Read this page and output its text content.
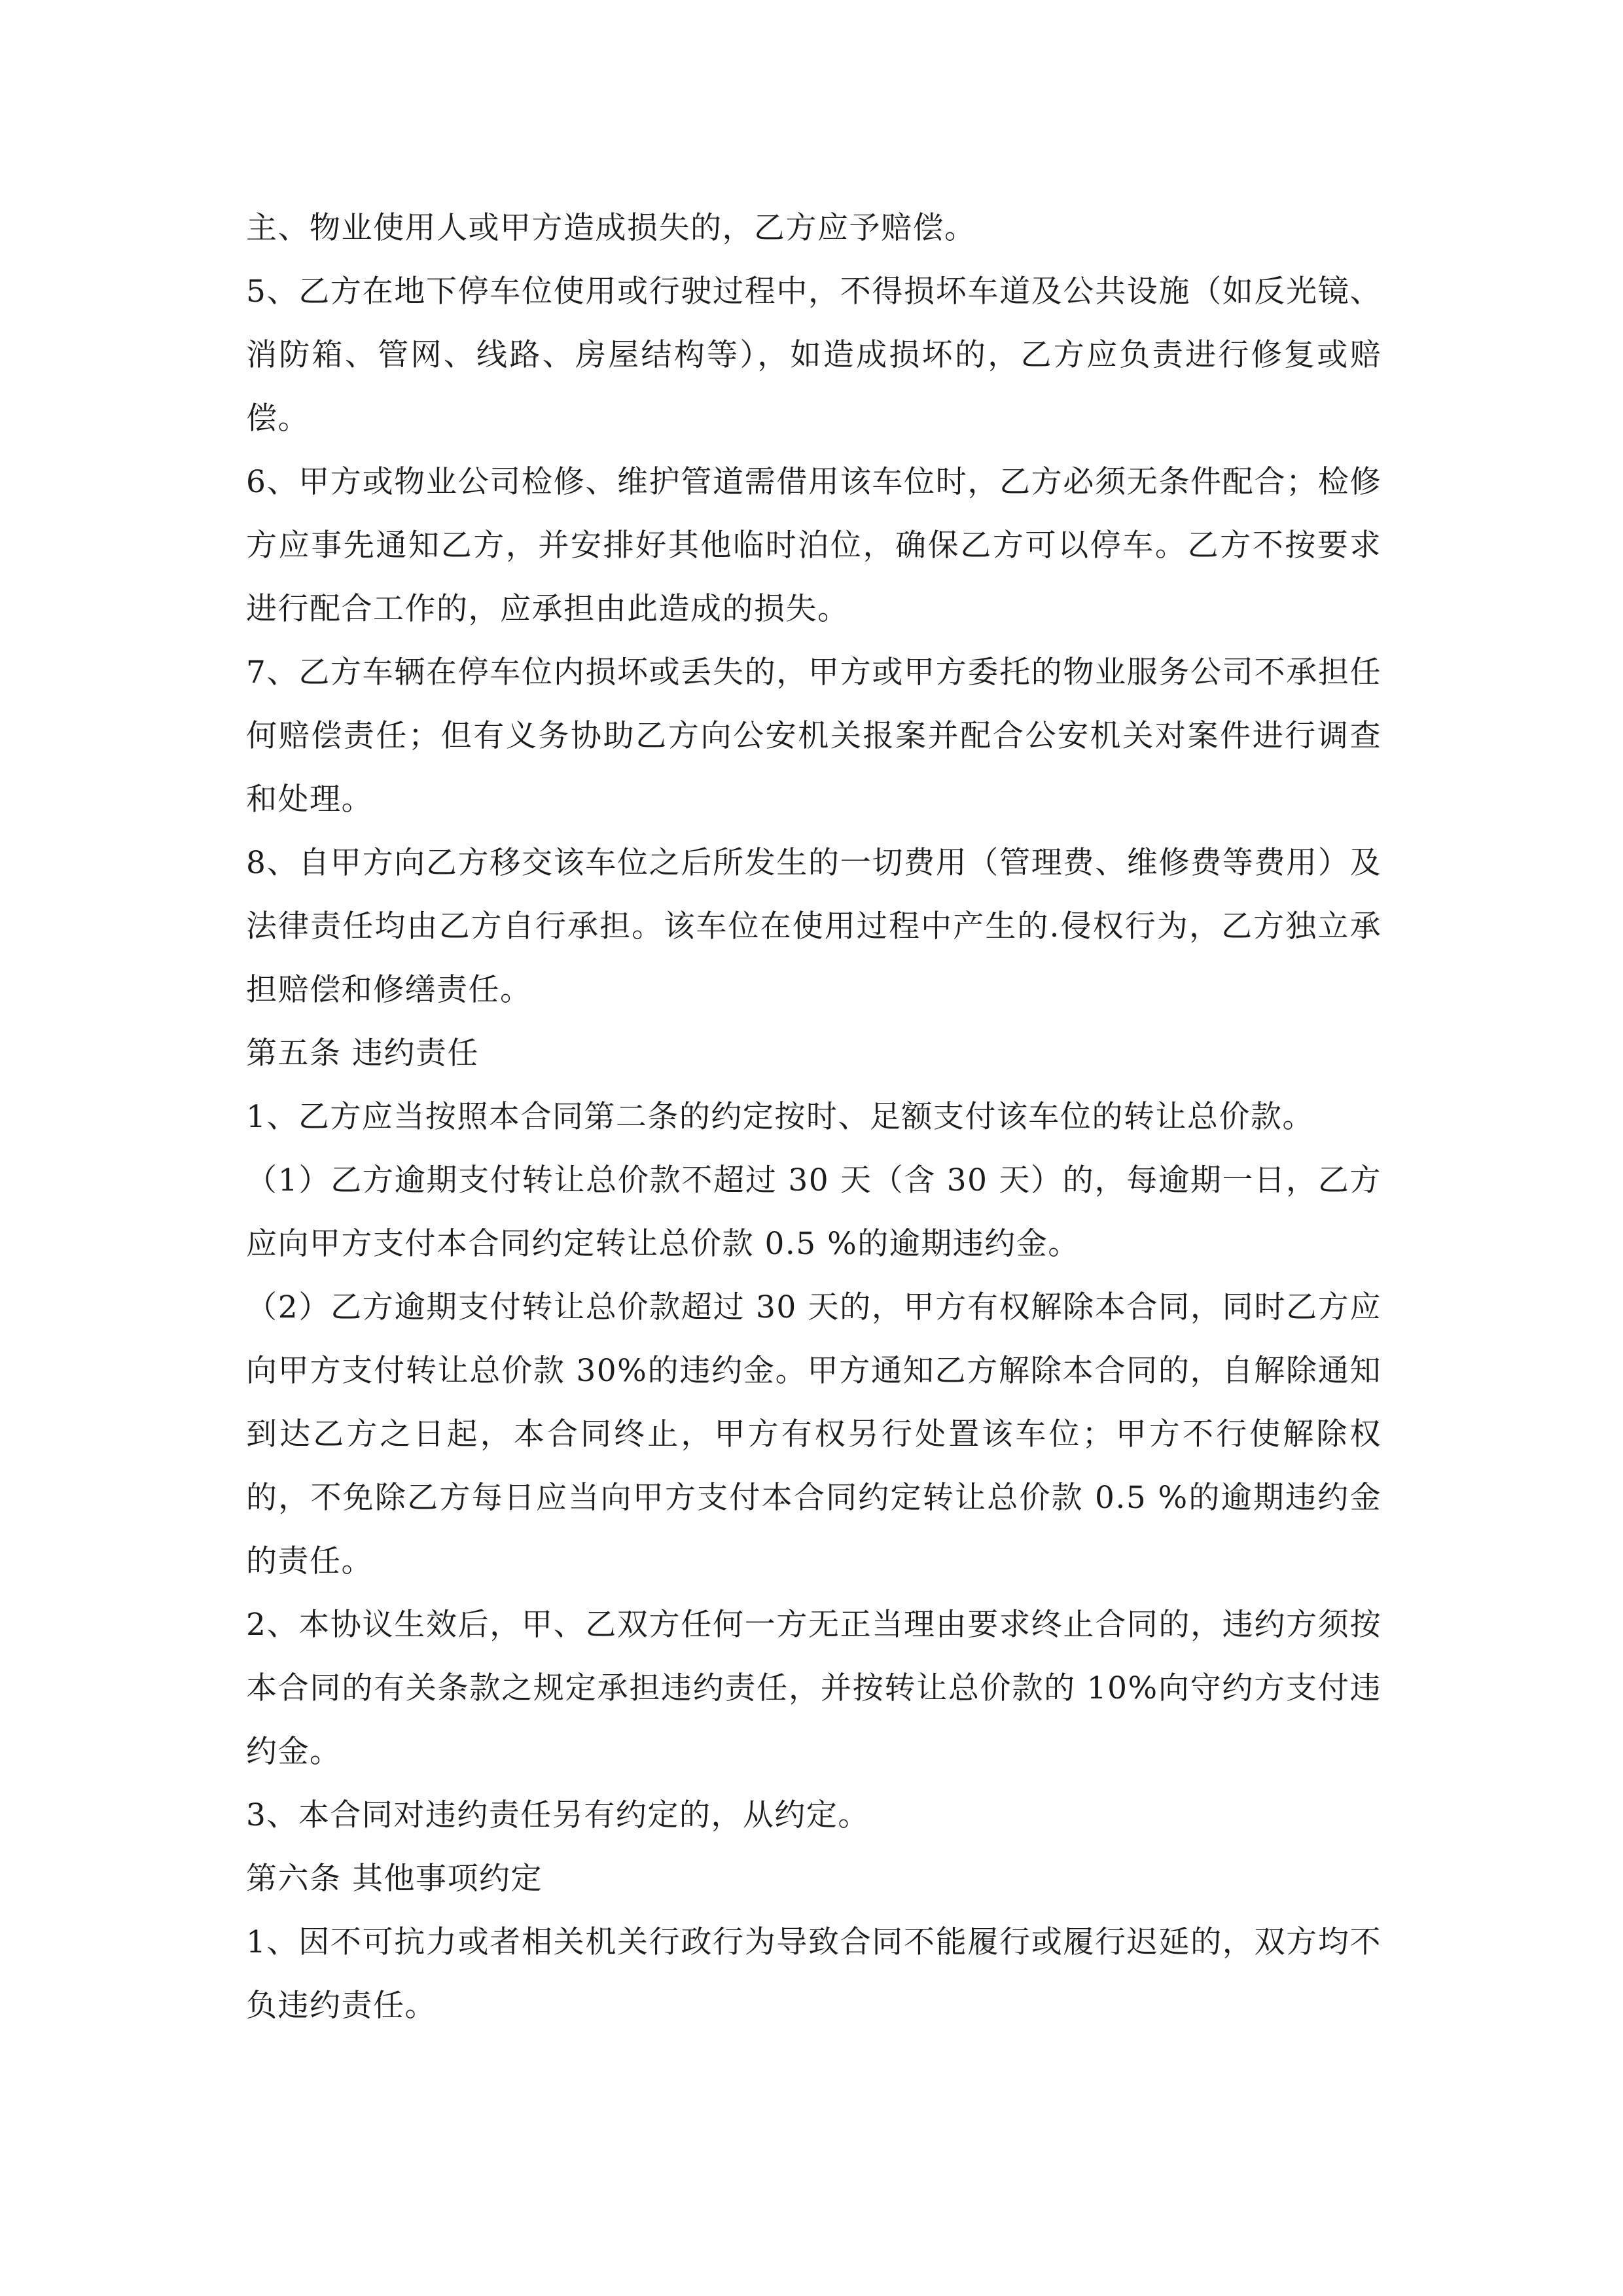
主、物业使用人或甲方造成损失的，乙方应予赔偿。

5、乙方在地下停车位使用或行驶过程中，不得损坏车道及公共设施（如反光镜、消防箱、管网、线路、房屋结构等），如造成损坏的，乙方应负责进行修复或赔偿。

6、甲方或物业公司检修、维护管道需借用该车位时，乙方必须无条件配合；检修方应事先通知乙方，并安排好其他临时泊位，确保乙方可以停车。乙方不按要求进行配合工作的，应承担由此造成的损失。

7、乙方车辆在停车位内损坏或丢失的，甲方或甲方委托的物业服务公司不承担任何赔偿责任；但有义务协助乙方向公安机关报案并配合公安机关对案件进行调查和处理。

8、自甲方向乙方移交该车位之后所发生的一切费用（管理费、维修费等费用）及法律责任均由乙方自行承担。该车位在使用过程中产生的.侵权行为，乙方独立承担赔偿和修缮责任。

第五条 违约责任

1、乙方应当按照本合同第二条的约定按时、足额支付该车位的转让总价款。

（1）乙方逾期支付转让总价款不超过 30 天（含 30 天）的，每逾期一日，乙方应向甲方支付本合同约定转让总价款 0.5 %的逾期违约金。

（2）乙方逾期支付转让总价款超过 30 天的，甲方有权解除本合同，同时乙方应向甲方支付转让总价款 30%的违约金。甲方通知乙方解除本合同的，自解除通知到达乙方之日起，本合同终止，甲方有权另行处置该车位；甲方不行使解除权的，不免除乙方每日应当向甲方支付本合同约定转让总价款 0.5 %的逾期违约金的责任。

2、本协议生效后，甲、乙双方任何一方无正当理由要求终止合同的，违约方须按本合同的有关条款之规定承担违约责任，并按转让总价款的 10%向守约方支付违约金。

3、本合同对违约责任另有约定的，从约定。

第六条 其他事项约定

1、因不可抗力或者相关机关行政行为导致合同不能履行或履行迟延的，双方均不负违约责任。
